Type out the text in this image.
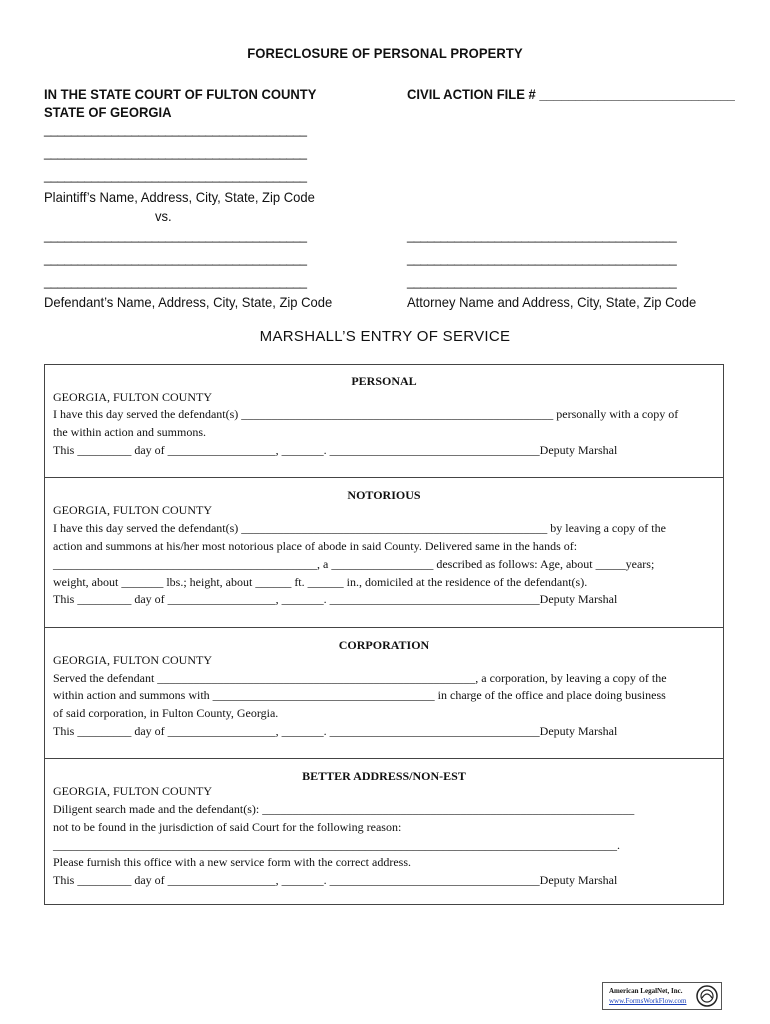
FORECLOSURE OF PERSONAL PROPERTY
IN THE STATE COURT OF FULTON COUNTY
STATE OF GEORGIA
CIVIL ACTION FILE # ___________________________
_______________________________________
_______________________________________
_______________________________________
Plaintiff’s Name, Address, City, State, Zip Code
vs.
_______________________________________
_______________________________________
_______________________________________
Defendant’s Name, Address, City, State, Zip Code
________________________________________
________________________________________
________________________________________
Attorney Name and Address, City, State, Zip Code
MARSHALL’S ENTRY OF SERVICE
PERSONAL
GEORGIA, FULTON COUNTY
I have this day served the defendant(s) ____________________________________________________ personally with a copy of
the within action and summons.
This _________ day of __________________, _______. ___________________________________Deputy Marshal
NOTORIOUS
GEORGIA, FULTON COUNTY
I have this day served the defendant(s) ___________________________________________________ by leaving a copy of the
action and summons at his/her most notorious place of abode in said County. Delivered same in the hands of:
____________________________________________, a _________________ described as follows: Age, about _____years;
weight, about _______ lbs.; height, about ______ ft. ______ in., domiciled at the residence of the defendant(s).
This _________ day of __________________, _______. ___________________________________Deputy Marshal
CORPORATION
GEORGIA, FULTON COUNTY
Served the defendant _____________________________________________________, a corporation, by leaving a copy of the
within action and summons with _____________________________________ in charge of the office and place doing business
of said corporation, in Fulton County, Georgia.
This _________ day of __________________, _______. ___________________________________Deputy Marshal
BETTER ADDRESS/NON-EST
GEORGIA, FULTON COUNTY
Diligent search made and the defendant(s): ______________________________________________________________
not to be found in the jurisdiction of said Court for the following reason:
______________________________________________________________________________________________.
Please furnish this office with a new service form with the correct address.
This _________ day of __________________, _______. ___________________________________Deputy Marshal
American LegalNet, Inc.
www.FormsWorkFlow.com
